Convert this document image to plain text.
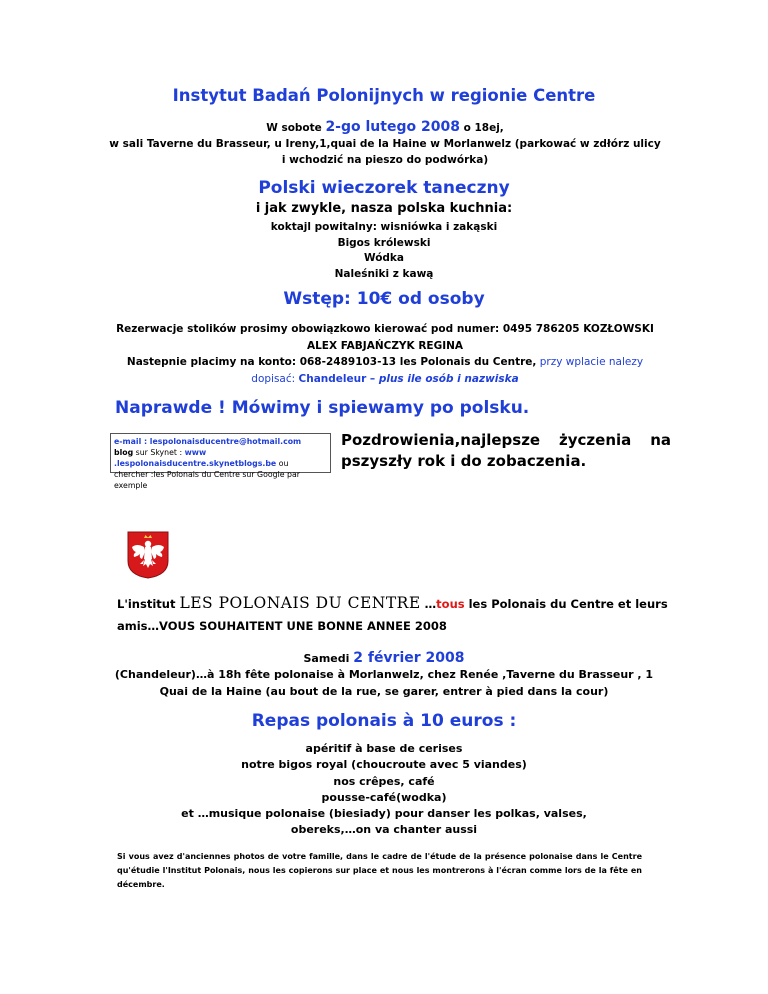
Instytut Badań Polonijnych w regionie Centre
W sobote 2-go lutego 2008 o 18ej,
w sali Taverne du Brasseur, u Ireny,1,quai de la Haine w Morlanwelz (parkować w zdłórz ulicy
i wchodzić na pieszo do podwórka)
Polski wieczorek taneczny
i jak zwykle, nasza polska kuchnia:
koktajl powitalny: wisniówka i zakąski
Bigos królewski
Wódka
Naleśniki z kawą
Wstęp: 10€ od osoby
Rezerwacje stolików prosimy obowiązkowo kierować pod numer: 0495 786205 KOZŁOWSKI
ALEX FABJAŃCZYK REGINA
Nastepnie placimy na konto: 068-2489103-13 les Polonais du Centre, przy wplacie nalezy
dopisać: Chandeleur – plus ile osób i nazwiska
Naprawde ! Mówimy i spiewamy po polsku.
e-mail : lespolonaisducentre@hotmail.com
blog sur Skynet : www .lespolonaisducentre.skynetblogs.be ou
chercher :les Polonais du Centre sur Google par exemple
Pozdrowienia,najlepsze życzenia na pszyszły rok i do zobaczenia.
L'institut LES POLONAIS DU CENTRE …tous les Polonais du Centre et leurs
amis…VOUS SOUHAITENT UNE BONNE ANNEE 2008
Samedi 2 février 2008
(Chandeleur)…à 18h fête polonaise à Morlanwelz, chez Renée ,Taverne du Brasseur , 1
Quai de la Haine (au bout de la rue, se garer, entrer à pied dans la cour)
Repas polonais à 10 euros :
apéritif à base de cerises
notre bigos royal (choucroute avec 5 viandes)
nos crêpes, café
pousse-café(wodka)
et …musique polonaise (biesiady) pour danser les polkas, valses,
obereks,…on va chanter aussi
Si vous avez d'anciennes photos de votre famille, dans le cadre de l'étude de la présence polonaise dans le Centre qu'étudie l'Institut Polonais, nous les copierons sur place et nous les montrerons à l'écran comme lors de la fête en décembre.
